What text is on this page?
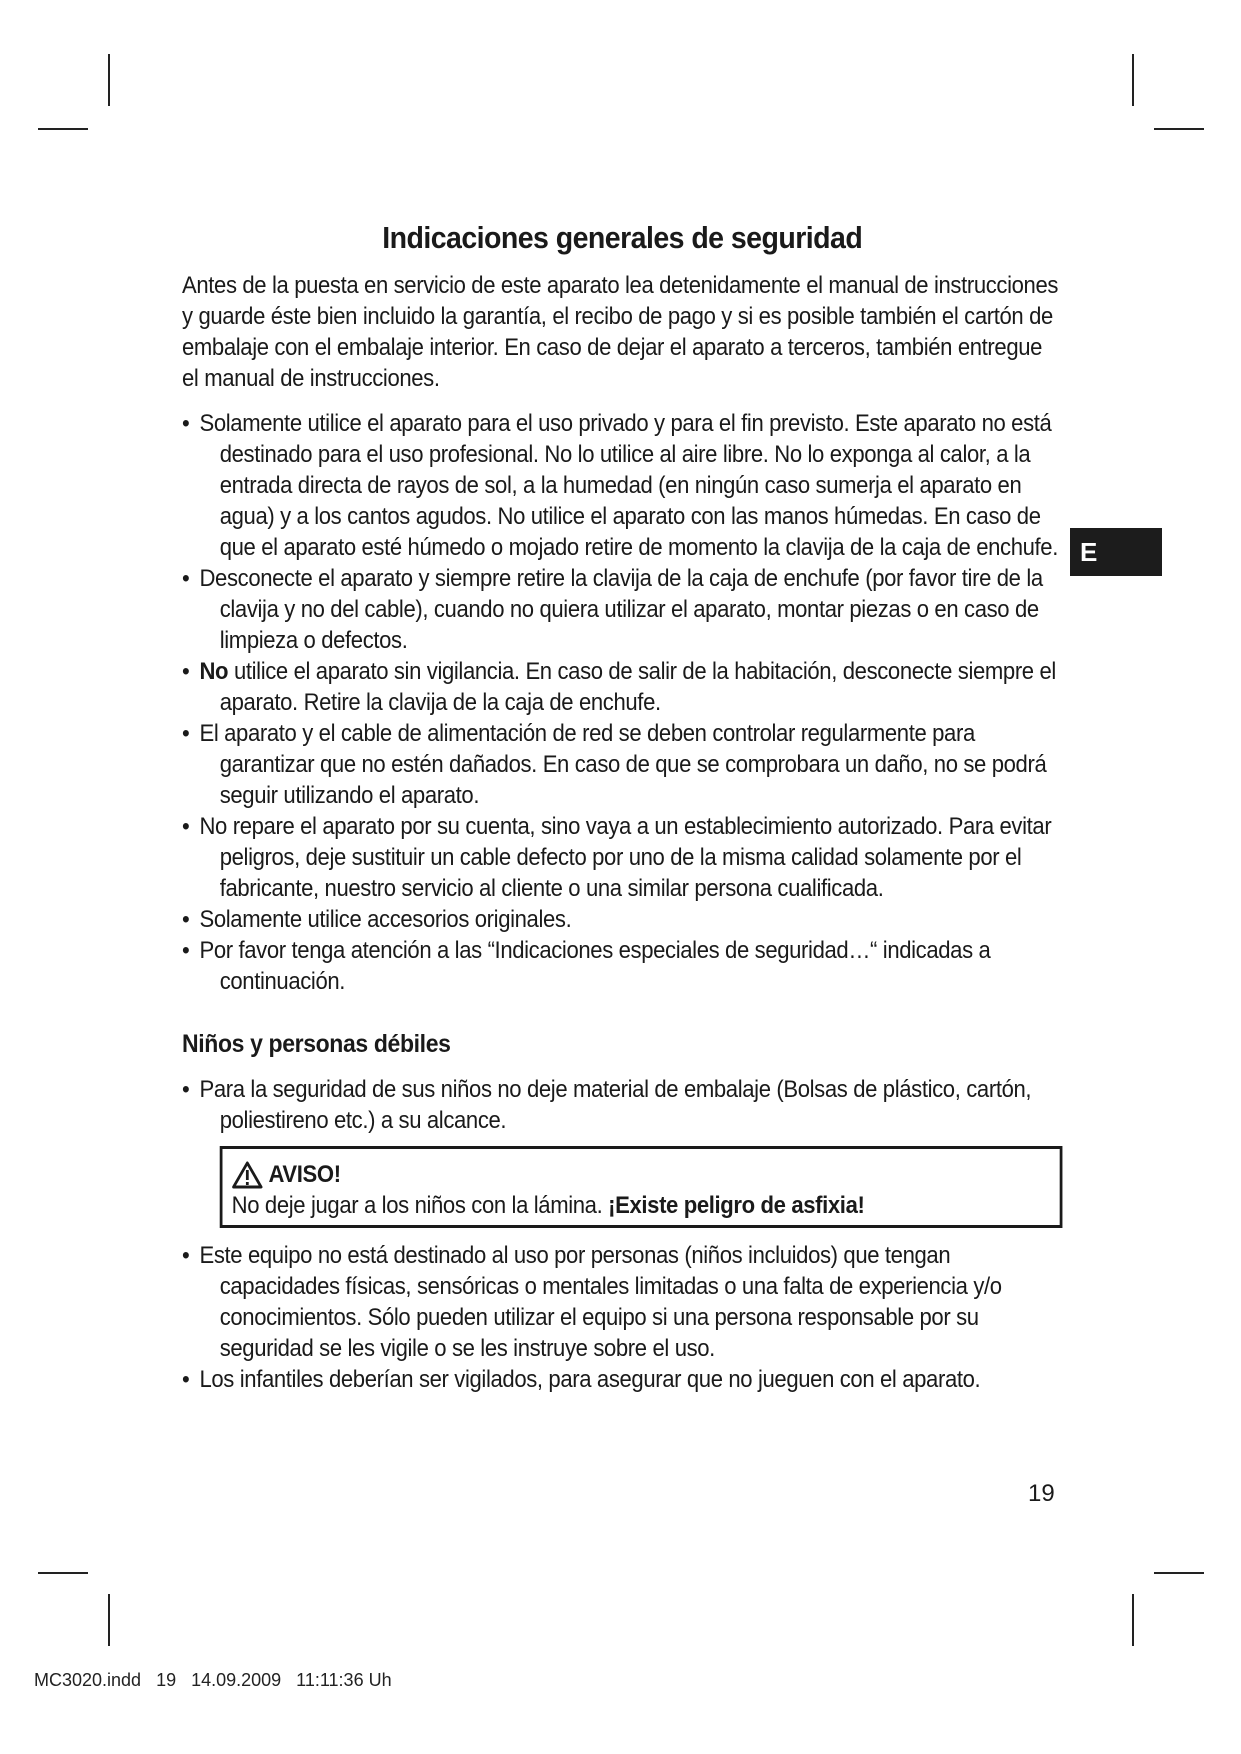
Indicaciones generales de seguridad

Antes de la puesta en servicio de este aparato lea detenidamente el manual de instrucciones y guarde éste bien incluido la garantía, el recibo de pago y si es posible también el cartón de embalaje con el embalaje interior. En caso de dejar el aparato a terceros, también entregue el manual de instrucciones.

• Solamente utilice el aparato para el uso privado y para el fin previsto. Este aparato no está destinado para el uso profesional. No lo utilice al aire libre. No lo exponga al calor, a la entrada directa de rayos de sol, a la humedad (en ningún caso sumerja el aparato en agua) y a los cantos agudos. No utilice el aparato con las manos húmedas. En caso de que el aparato esté húmedo o mojado retire de momento la clavija de la caja de enchufe.
• Desconecte el aparato y siempre retire la clavija de la caja de enchufe (por favor tire de la clavija y no del cable), cuando no quiera utilizar el aparato, montar piezas o en caso de limpieza o defectos.
• No utilice el aparato sin vigilancia. En caso de salir de la habitación, desconecte siempre el aparato. Retire la clavija de la caja de enchufe.
• El aparato y el cable de alimentación de red se deben controlar regularmente para garantizar que no estén dañados. En caso de que se comprobara un daño, no se podrá seguir utilizando el aparato.
• No repare el aparato por su cuenta, sino vaya a un establecimiento autorizado. Para evitar peligros, deje sustituir un cable defecto por uno de la misma calidad solamente por el fabricante, nuestro servicio al cliente o una similar persona cualificada.
• Solamente utilice accesorios originales.
• Por favor tenga atención a las “Indicaciones especiales de seguridad…“ indicadas a continuación.
Niños y personas débiles
• Para la seguridad de sus niños no deje material de embalaje (Bolsas de plástico, cartón, poliestireno etc.) a su alcance.
AVISO!
No deje jugar a los niños con la lámina. ¡Existe peligro de asfixia!
• Este equipo no está destinado al uso por personas (niños incluidos) que tengan capacidades físicas, sensóricas o mentales limitadas o una falta de experiencia y/o conocimientos. Sólo pueden utilizar el equipo si una persona responsable por su seguridad se les vigile o se les instruye sobre el uso.
• Los infantiles deberían ser vigilados, para asegurar que no jueguen con el aparato.
E
19
MC3020.indd   19   14.09.2009   11:11:36 Uh
